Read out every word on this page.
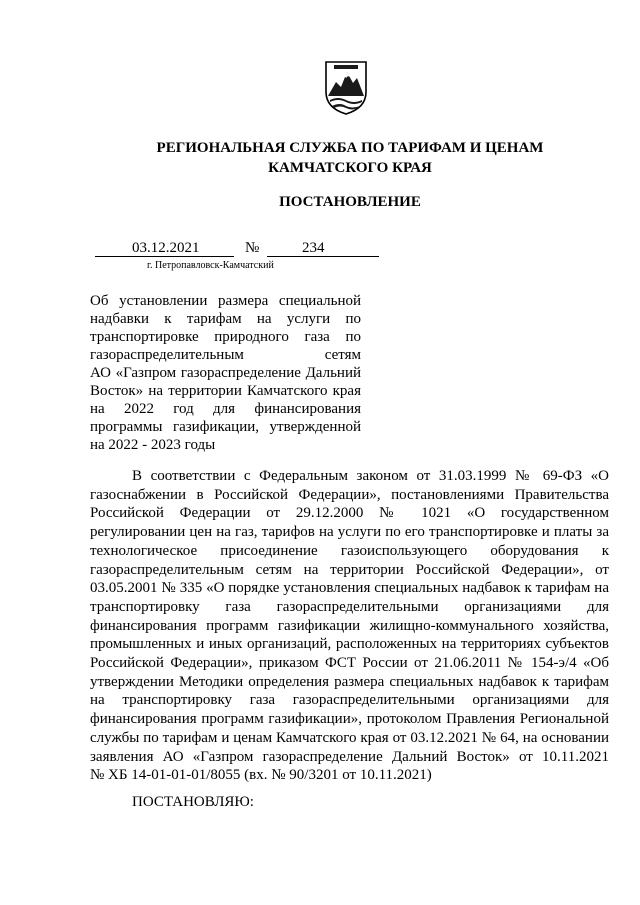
РЕГИОНАЛЬНАЯ СЛУЖБА ПО ТАРИФАМ И ЦЕНАМ
КАМЧАТСКОГО КРАЯ
ПОСТАНОВЛЕНИЕ
03.12.2021	№	234
г. Петропавловск-Камчатский
Об установлении размера специальной
надбавки к тарифам на услуги по
транспортировке природного газа по
газораспределительным сетям
АО «Газпром газораспределение Дальний
Восток» на территории Камчатского края
на 2022 год для финансирования
программы газификации, утвержденной
на 2022 - 2023 годы
В соответствии с Федеральным законом от 31.03.1999 № 69-ФЗ «О
газоснабжении в Российской Федерации», постановлениями Правительства
Российской Федерации от 29.12.2000 № 1021 «О государственном
регулировании цен на газ, тарифов на услуги по его транспортировке и платы за
технологическое присоединение газоиспользующего оборудования к
газораспределительным сетям на территории Российской Федерации», от
03.05.2001 № 335 «О порядке установления специальных надбавок к тарифам на
транспортировку газа газораспределительными организациями для
финансирования программ газификации жилищно-коммунального хозяйства,
промышленных и иных организаций, расположенных на территориях субъектов
Российской Федерации», приказом ФСТ России от 21.06.2011 № 154-э/4 «Об
утверждении Методики определения размера специальных надбавок к тарифам
на транспортировку газа газораспределительными организациями для
финансирования программ газификации», протоколом Правления Региональной
службы по тарифам и ценам Камчатского края от 03.12.2021 № 64, на основании
заявления АО «Газпром газораспределение Дальний Восток» от 10.11.2021
№ ХБ 14-01-01-01/8055 (вх. № 90/3201 от 10.11.2021)
ПОСТАНОВЛЯЮ:
